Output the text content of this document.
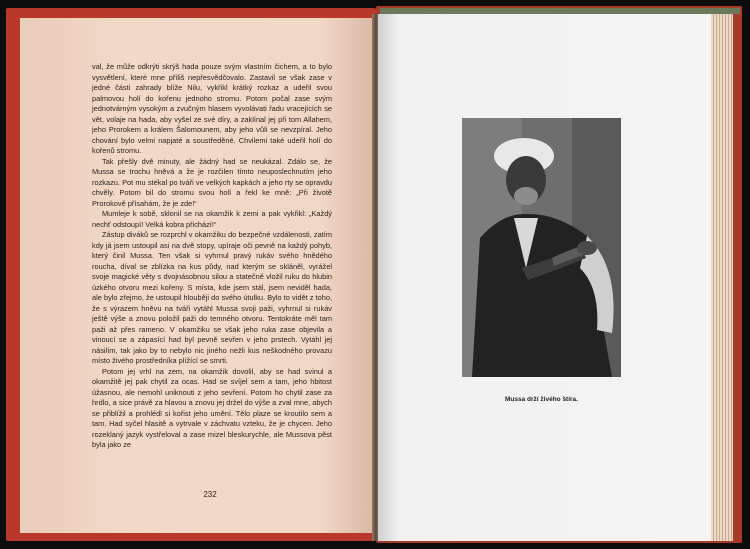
val, že může odkrýti skrýš hada pouze svým vlastním čichem, a to bylo vysvětlení, které mne příliš nepřesvědčovalo. Zastavil se však zase v jedné části zahrady blíže Nilu, vykřikl krátký rozkaz a udeřil svou palmovou holí do kořenu jednoho stromu. Potom počal zase svým jednotvárným vysokým a zvučným hlasem vyvolávati řadu vracejících se vět, volaje na hada, aby vyšel ze své díry, a zaklínal jej při tom Allahem, jeho Prorokem a králem Šalomounem, aby jeho vůli se nevzpíral. Jeho chování bylo velmi napjaté a soustředěné. Chvilemi také udeřil holí do kořenů stromu.

Tak přešly dvě minuty, ale žádný had se neukázal. Zdálo se, že Mussa se trochu hněvá a že je rozčilen tímto neuposlechnutím jeho rozkazu. Pot mu stékal po tváři ve velkých kapkách a jeho rty se opravdu chvěly. Potom bil do stromu svou holí a řekl ke mně: „Při životě Prorokově přísahám, že je zde!“

Mumleje k sobě, sklonil se na okamžik k zemi a pak vykřikl: „Každý nechť odstoupí! Velká kobra přichází!“

Zástup diváků se rozprchl v okamžiku do bezpečné vzdálenosti, zatím kdy já jsem ustoupil asi na dvě stopy, upíraje oči pevně na každý pohyb, který činil Mussa. Ten však si vyhrnul pravý rukáv svého hnědého roucha, díval se zblízka na kus půdy, nad kterým se skláněl, vyrážel svoje magické věty s dvojnásobnou silou a statečně vložil ruku do hlubin úzkého otvoru mezi kořeny. S místa, kde jsem stál, jsem neviděl hada, ale bylo zřejmo, že ustoupil hlouběji do svého útulku. Bylo to vidět z toho, že s výrazem hněvu na tváři vytáhl Mussa svoji paži, vyhrnul si rukáv ještě výše a znovu položil paži do temného otvoru. Tentokráte měl tam paži až přes rameno. V okamžiku se však jeho ruka zase objevila a vinoucí se a zápasící had byl pevně sevřen v jeho prstech. Vytáhl jej násilím, tak jako by to nebylo nic jiného nežli kus neškodného provazu místo živého prostředníka plížící se smrti.

Potom jej vrhl na zem, na okamžik dovolil, aby se had svinul a okamžitě jej pak chytil za ocas. Had se svíjel sem a tam, jeho hbitost úžasnou, ale nemohl uniknouti z jeho sevření. Potom ho chytil zase za hrdlo, a sice právě za hlavou a znovu jej držel do výše a zval mne, abych se přiblížil a prohlédl si kořist jeho umění. Tělo plaze se kroutilo sem a tam. Had syčel hlasitě a vytrvale v záchvatu vzteku, že je chycen. Jeho rozeklaný jazyk vystřeloval a zase mizel bleskurychle, ale Mussova pěst byla jako ze

232
Mussa drží živého štíra.
